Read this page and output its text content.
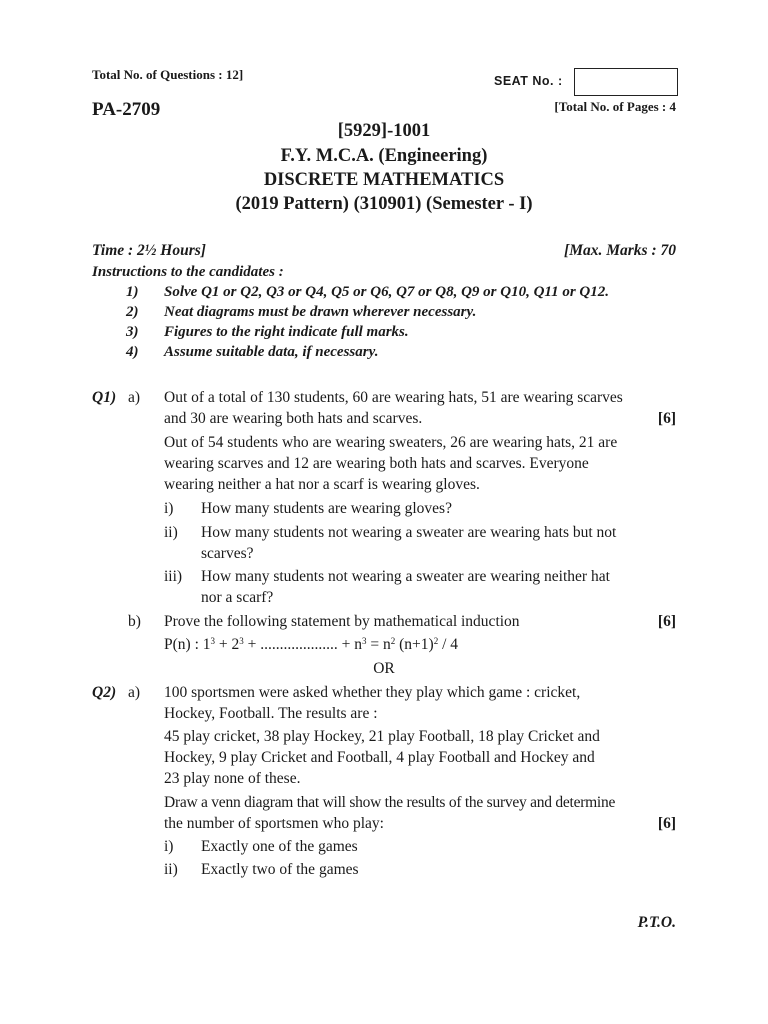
Total No. of Questions : 12]	SEAT No. :
PA-2709	[Total No. of Pages : 4
[5929]-1001
F.Y. M.C.A. (Engineering)
DISCRETE MATHEMATICS
(2019 Pattern) (310901) (Semester - I)
Time : 2½ Hours]	[Max. Marks : 70
Instructions to the candidates :
1) Solve Q1 or Q2, Q3 or Q4, Q5 or Q6, Q7 or Q8, Q9 or Q10, Q11 or Q12.
2) Neat diagrams must be drawn wherever necessary.
3) Figures to the right indicate full marks.
4) Assume suitable data, if necessary.
Q1) a) Out of a total of 130 students, 60 are wearing hats, 51 are wearing scarves
and 30 are wearing both hats and scarves.	[6]
Out of 54 students who are wearing sweaters, 26 are wearing hats, 21 are
wearing scarves and 12 are wearing both hats and scarves. Everyone
wearing neither a hat nor a scarf is wearing gloves.
i) How many students are wearing gloves?
ii) How many students not wearing a sweater are wearing hats but not
scarves?
iii) How many students not wearing a sweater are wearing neither hat
nor a scarf?
b) Prove the following statement by mathematical induction	[6]
P(n) : $1^3 + 2^3$ + .................... + $n^3 = n^2$ $(n+1)^2 / 4$
OR
Q2) a) 100 sportsmen were asked whether they play which game : cricket,
Hockey, Football. The results are :
45 play cricket, 38 play Hockey, 21 play Football, 18 play Cricket and
Hockey, 9 play Cricket and Football, 4 play Football and Hockey and
23 play none of these.
Draw a venn diagram that will show the results of the survey and determine
the number of sportsmen who play:	[6]
i) Exactly one of the games
ii) Exactly two of the games
P.T.O.
